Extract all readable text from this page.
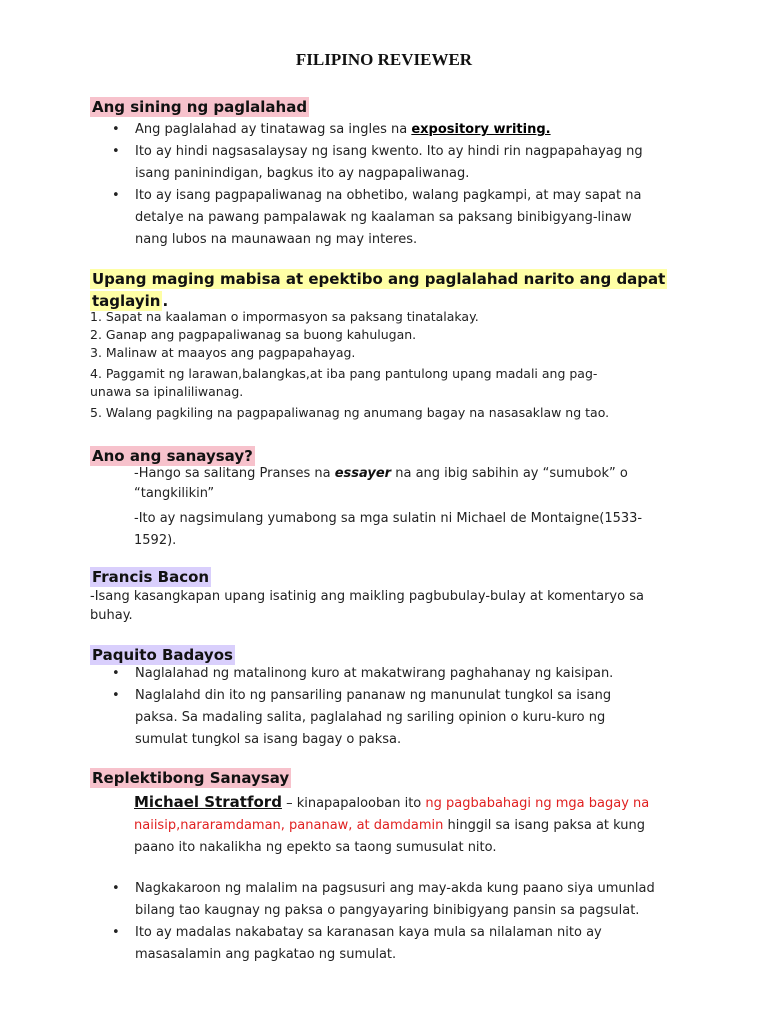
FILIPINO REVIEWER
Ang sining ng paglalahad
• Ang paglalahad ay tinatawag sa ingles na expository writing.
• Ito ay hindi nagsasalaysay ng isang kwento. Ito ay hindi rin nagpapahayag ng isang paninindigan, bagkus ito ay nagpapaliwanag.
• Ito ay isang pagpapaliwanag na obhetibo, walang pagkampi, at may sapat na detalye na pawang pampalawak ng kaalaman sa paksang binibigyang-linaw nang lubos na maunawaan ng may interes.
Upang maging mabisa at epektibo ang paglalahad narito ang dapat
taglayin .
1. Sapat na kaalaman o impormasyon sa paksang tinatalakay.
2. Ganap ang pagpapaliwanag sa buong kahulugan.
3. Malinaw at maayos ang pagpapahayag.
4. Paggamit ng larawan,balangkas,at iba pang pantulong upang madali ang pag-
unawa sa ipinaliliwanag.
5. Walang pagkiling na pagpapaliwanag ng anumang bagay na nasasaklaw ng tao.
Ano ang sanaysay?
-Hango sa salitang Pranses na essayer na ang ibig sabihin ay “sumubok” o
“tangkilikin”
-Ito ay nagsimulang yumabong sa mga sulatin ni Michael de Montaigne(1533-
1592).
Francis Bacon
-Isang kasangkapan upang isatinig ang maikling pagbubulay-bulay at komentaryo sa
buhay.
Paquito Badayos
• Naglalahad ng matalinong kuro at makatwirang paghahanay ng kaisipan.
• Naglalahd din ito ng pansariling pananaw ng manunulat tungkol sa isang paksa. Sa madaling salita, paglalahad ng sariling opinion o kuru-kuro ng sumulat tungkol sa isang bagay o paksa.
Replektibong Sanaysay
Michael Stratford – kinapapalooban ito ng pagbabahagi ng mga bagay na
naiisip,nararamdaman, pananaw, at damdamin hinggil sa isang paksa at kung
paano ito nakalikha ng epekto sa taong sumusulat nito.
• Nagkakaroon ng malalim na pagsusuri ang may-akda kung paano siya umunlad bilang tao kaugnay ng paksa o pangyayaring binibigyang pansin sa pagsulat.
• Ito ay madalas nakabatay sa karanasan kaya mula sa nilalaman nito ay masasalamin ang pagkatao ng sumulat.
